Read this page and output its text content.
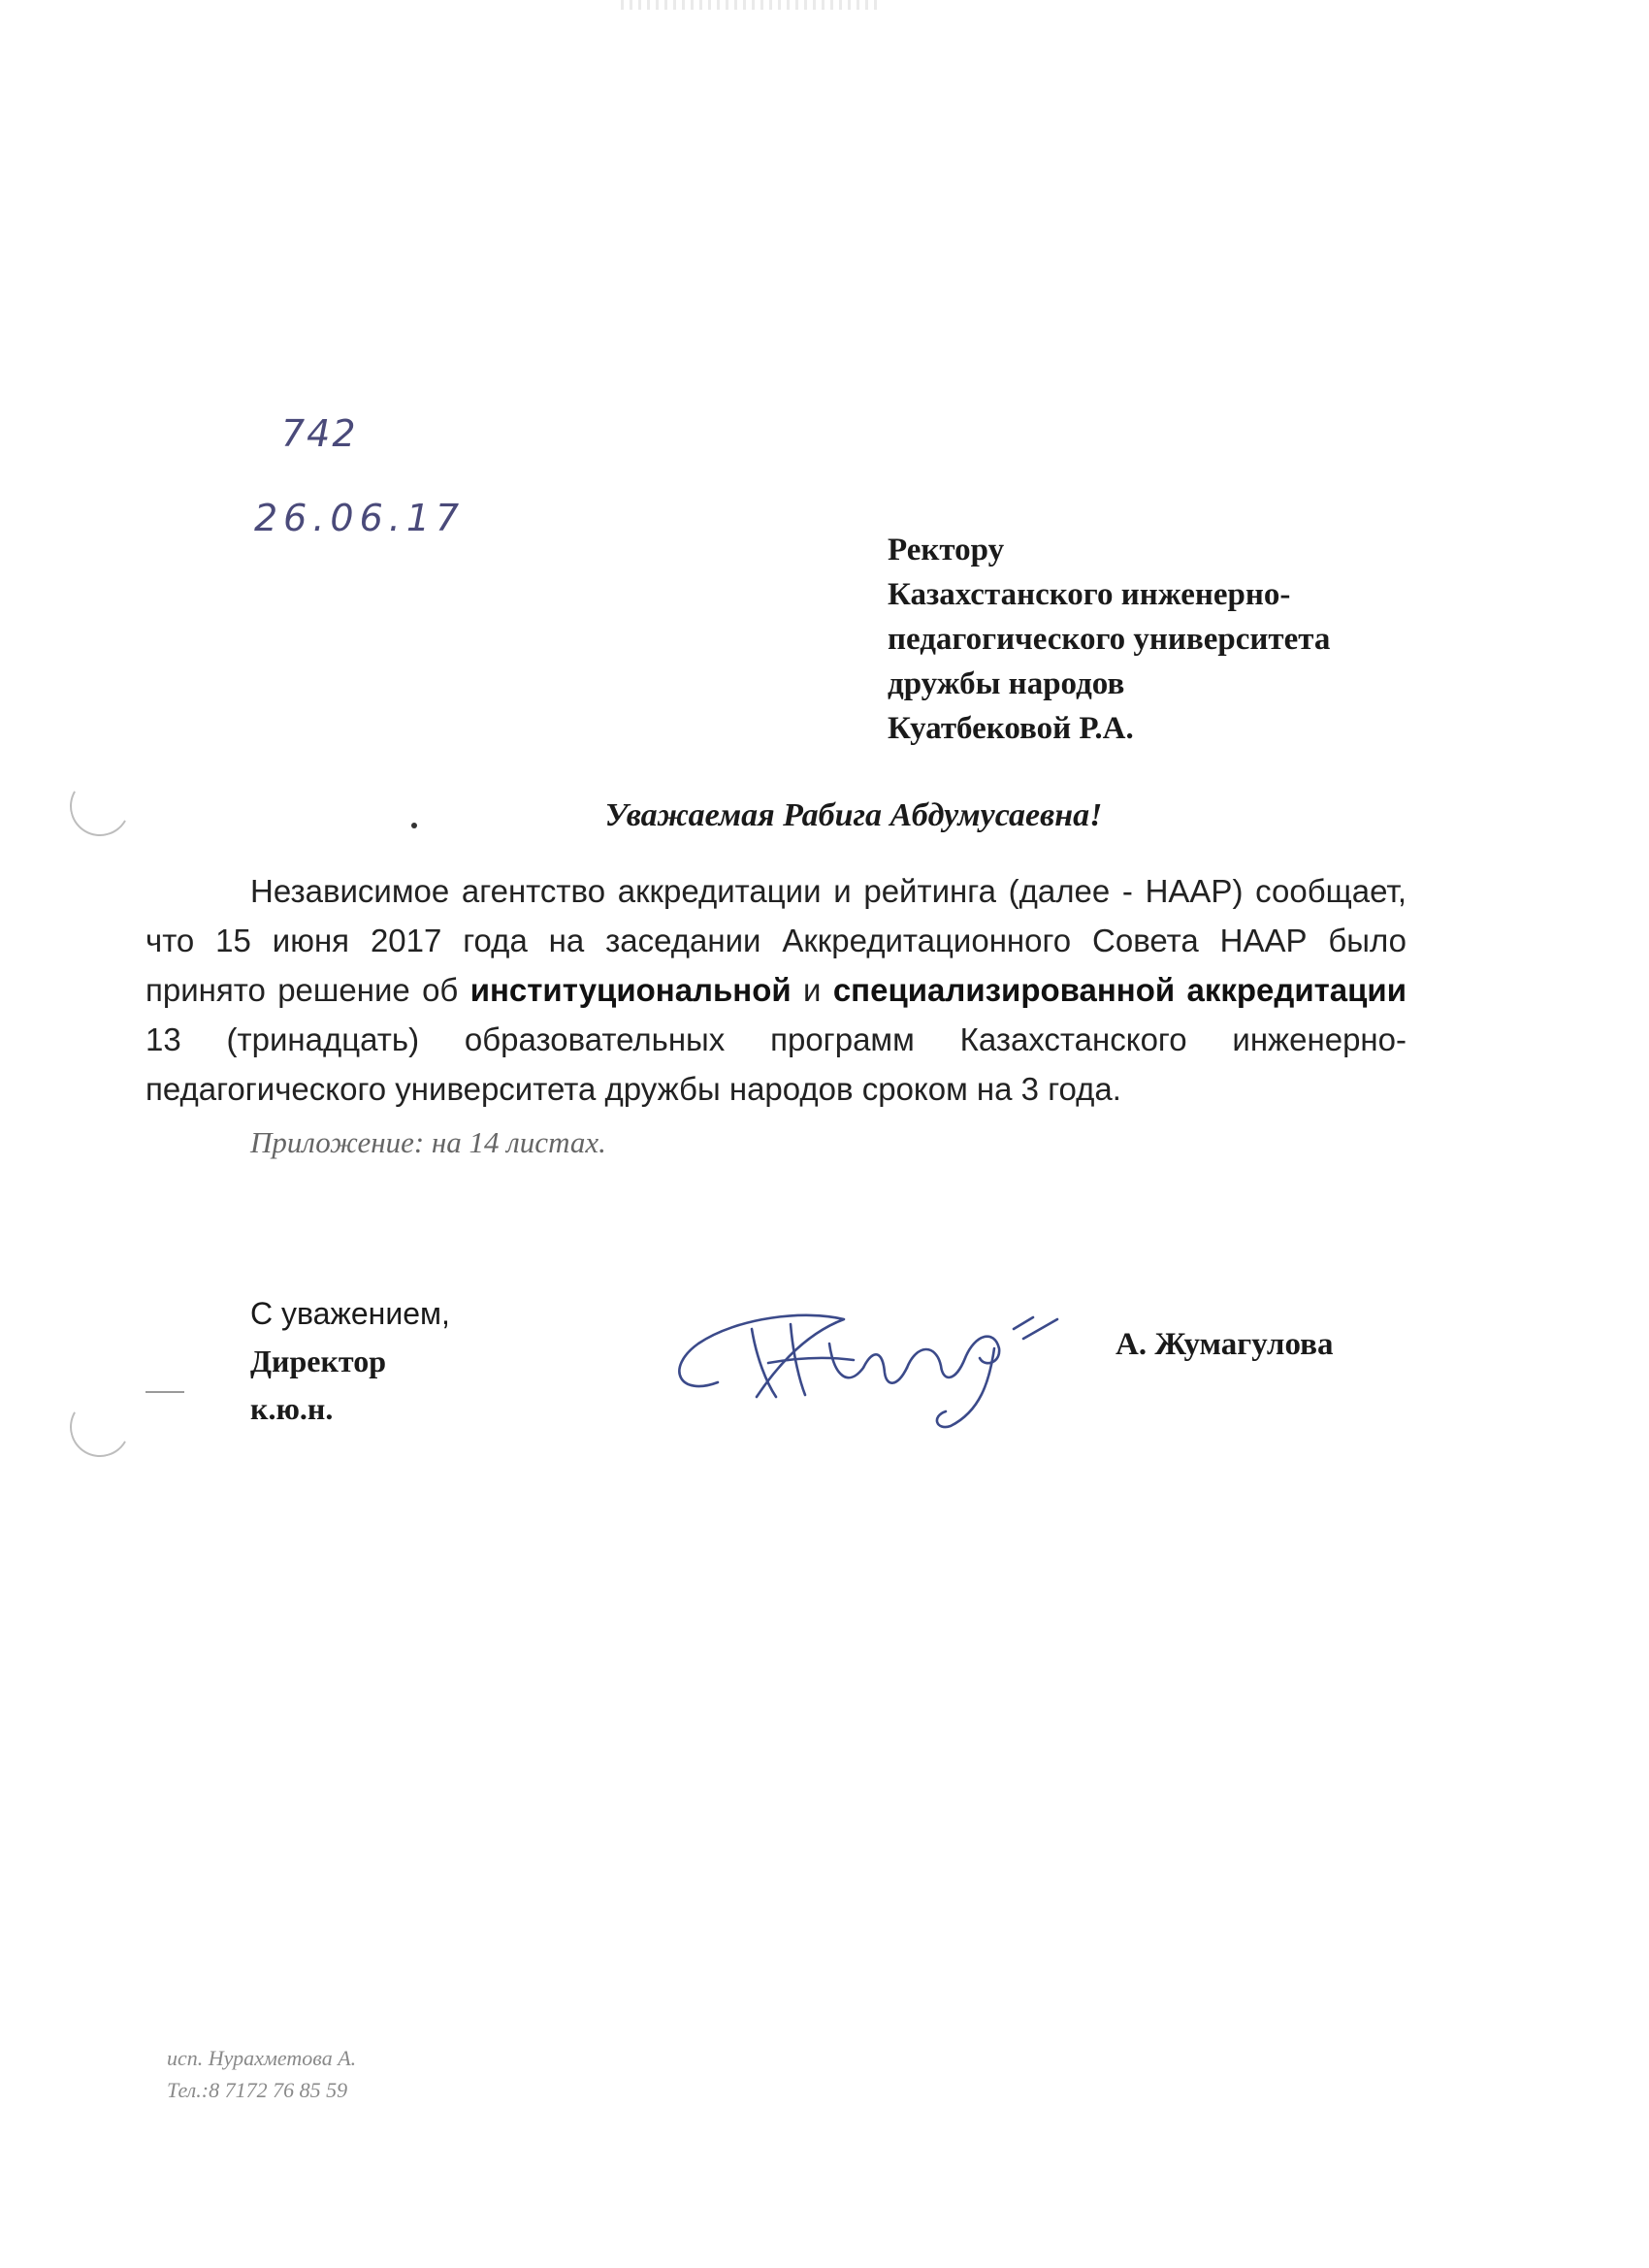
742
26.06.17
Ректору
Казахстанского инженерно-
педагогического университета
дружбы народов
Куатбековой Р.А.
Уважаемая Рабига Абдумусаевна!
Независимое агентство аккредитации и рейтинга (далее - НААР) сообщает, что 15 июня 2017 года на заседании Аккредитационного Совета НААР было принято решение об институциональной и специализированной аккредитации 13 (тринадцать) образовательных программ Казахстанского инженерно-педагогического университета дружбы народов сроком на 3 года.
Приложение: на 14 листах.
С уважением,
Директор
к.ю.н.
А. Жумагулова
исп. Нурахметова А.
Тел.:8 7172 76 85 59
